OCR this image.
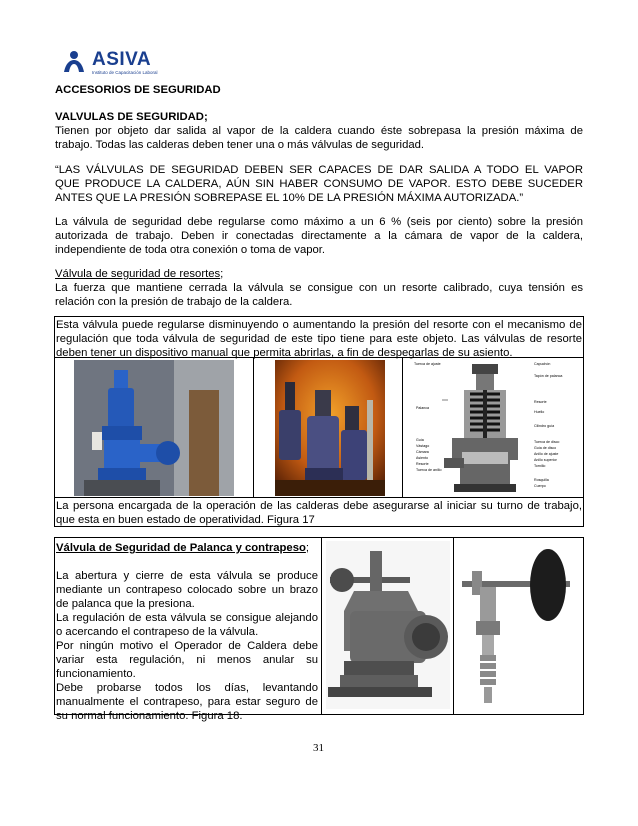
ASIVA
Instituto de Capacitación Laboral
ACCESORIOS DE SEGURIDAD
VALVULAS DE SEGURIDAD;
Tienen por objeto dar salida al vapor de la caldera cuando éste sobrepasa la presión máxima de
trabajo. Todas las calderas deben tener una o más válvulas de seguridad.
“LAS VÁLVULAS DE SEGURIDAD DEBEN SER CAPACES DE DAR SALIDA A TODO EL VAPOR
QUE PRODUCE LA CALDERA, AÚN SIN HABER CONSUMO DE VAPOR. ESTO DEBE SUCEDER
ANTES QUE LA PRESIÓN SOBREPASE EL 10% DE LA PRESIÓN MÁXIMA AUTORIZADA.”
La válvula de seguridad debe regularse como máximo a un 6 % (seis por ciento) sobre la presión
autorizada de trabajo. Deben ir conectadas directamente a la cámara de vapor de la caldera,
independiente de toda otra conexión o toma de vapor.
Válvula de seguridad de resortes;
La fuerza que mantiene cerrada la válvula se consigue con un resorte calibrado, cuya tensión es
relación con la presión de trabajo de la caldera.
Esta válvula puede regularse disminuyendo o aumentando la presión del resorte con el mecanismo de
regulación que toda válvula de seguridad de este tipo tiene para este objeto. Las válvulas de resorte
deben tener un dispositivo manual que permita abrirlas, a fin de despegarlas de su asiento.
Tuerca de ajuste	Capuchón
Palanca
Tapón de palanca
Resorte
Huello
Cilindro guía
Guía
Vástago
Tuerca de disco
Cámara
Guía de disco
Anillo de ajuste
Asiento
Resorte
Anillo superior
Tuerca de anillo
Tornillo
Rosquilla
Cuerpo
La persona encargada de la operación de las calderas debe asegurarse al iniciar su turno de trabajo,
que esta en buen estado de operatividad. Figura 17
Válvula de Seguridad de Palanca y contrapeso;
La abertura y cierre de esta válvula se produce
mediante un contrapeso colocado sobre un brazo
de palanca que la presiona.
La regulación de esta válvula se consigue alejando
o acercando el contrapeso de la válvula.
Por ningún motivo el Operador de Caldera debe
variar esta regulación, ni menos anular su
funcionamiento.
Debe probarse todos los días, levantando
manualmente el contrapeso, para estar seguro de
su normal funcionamiento. Figura 18.
31
